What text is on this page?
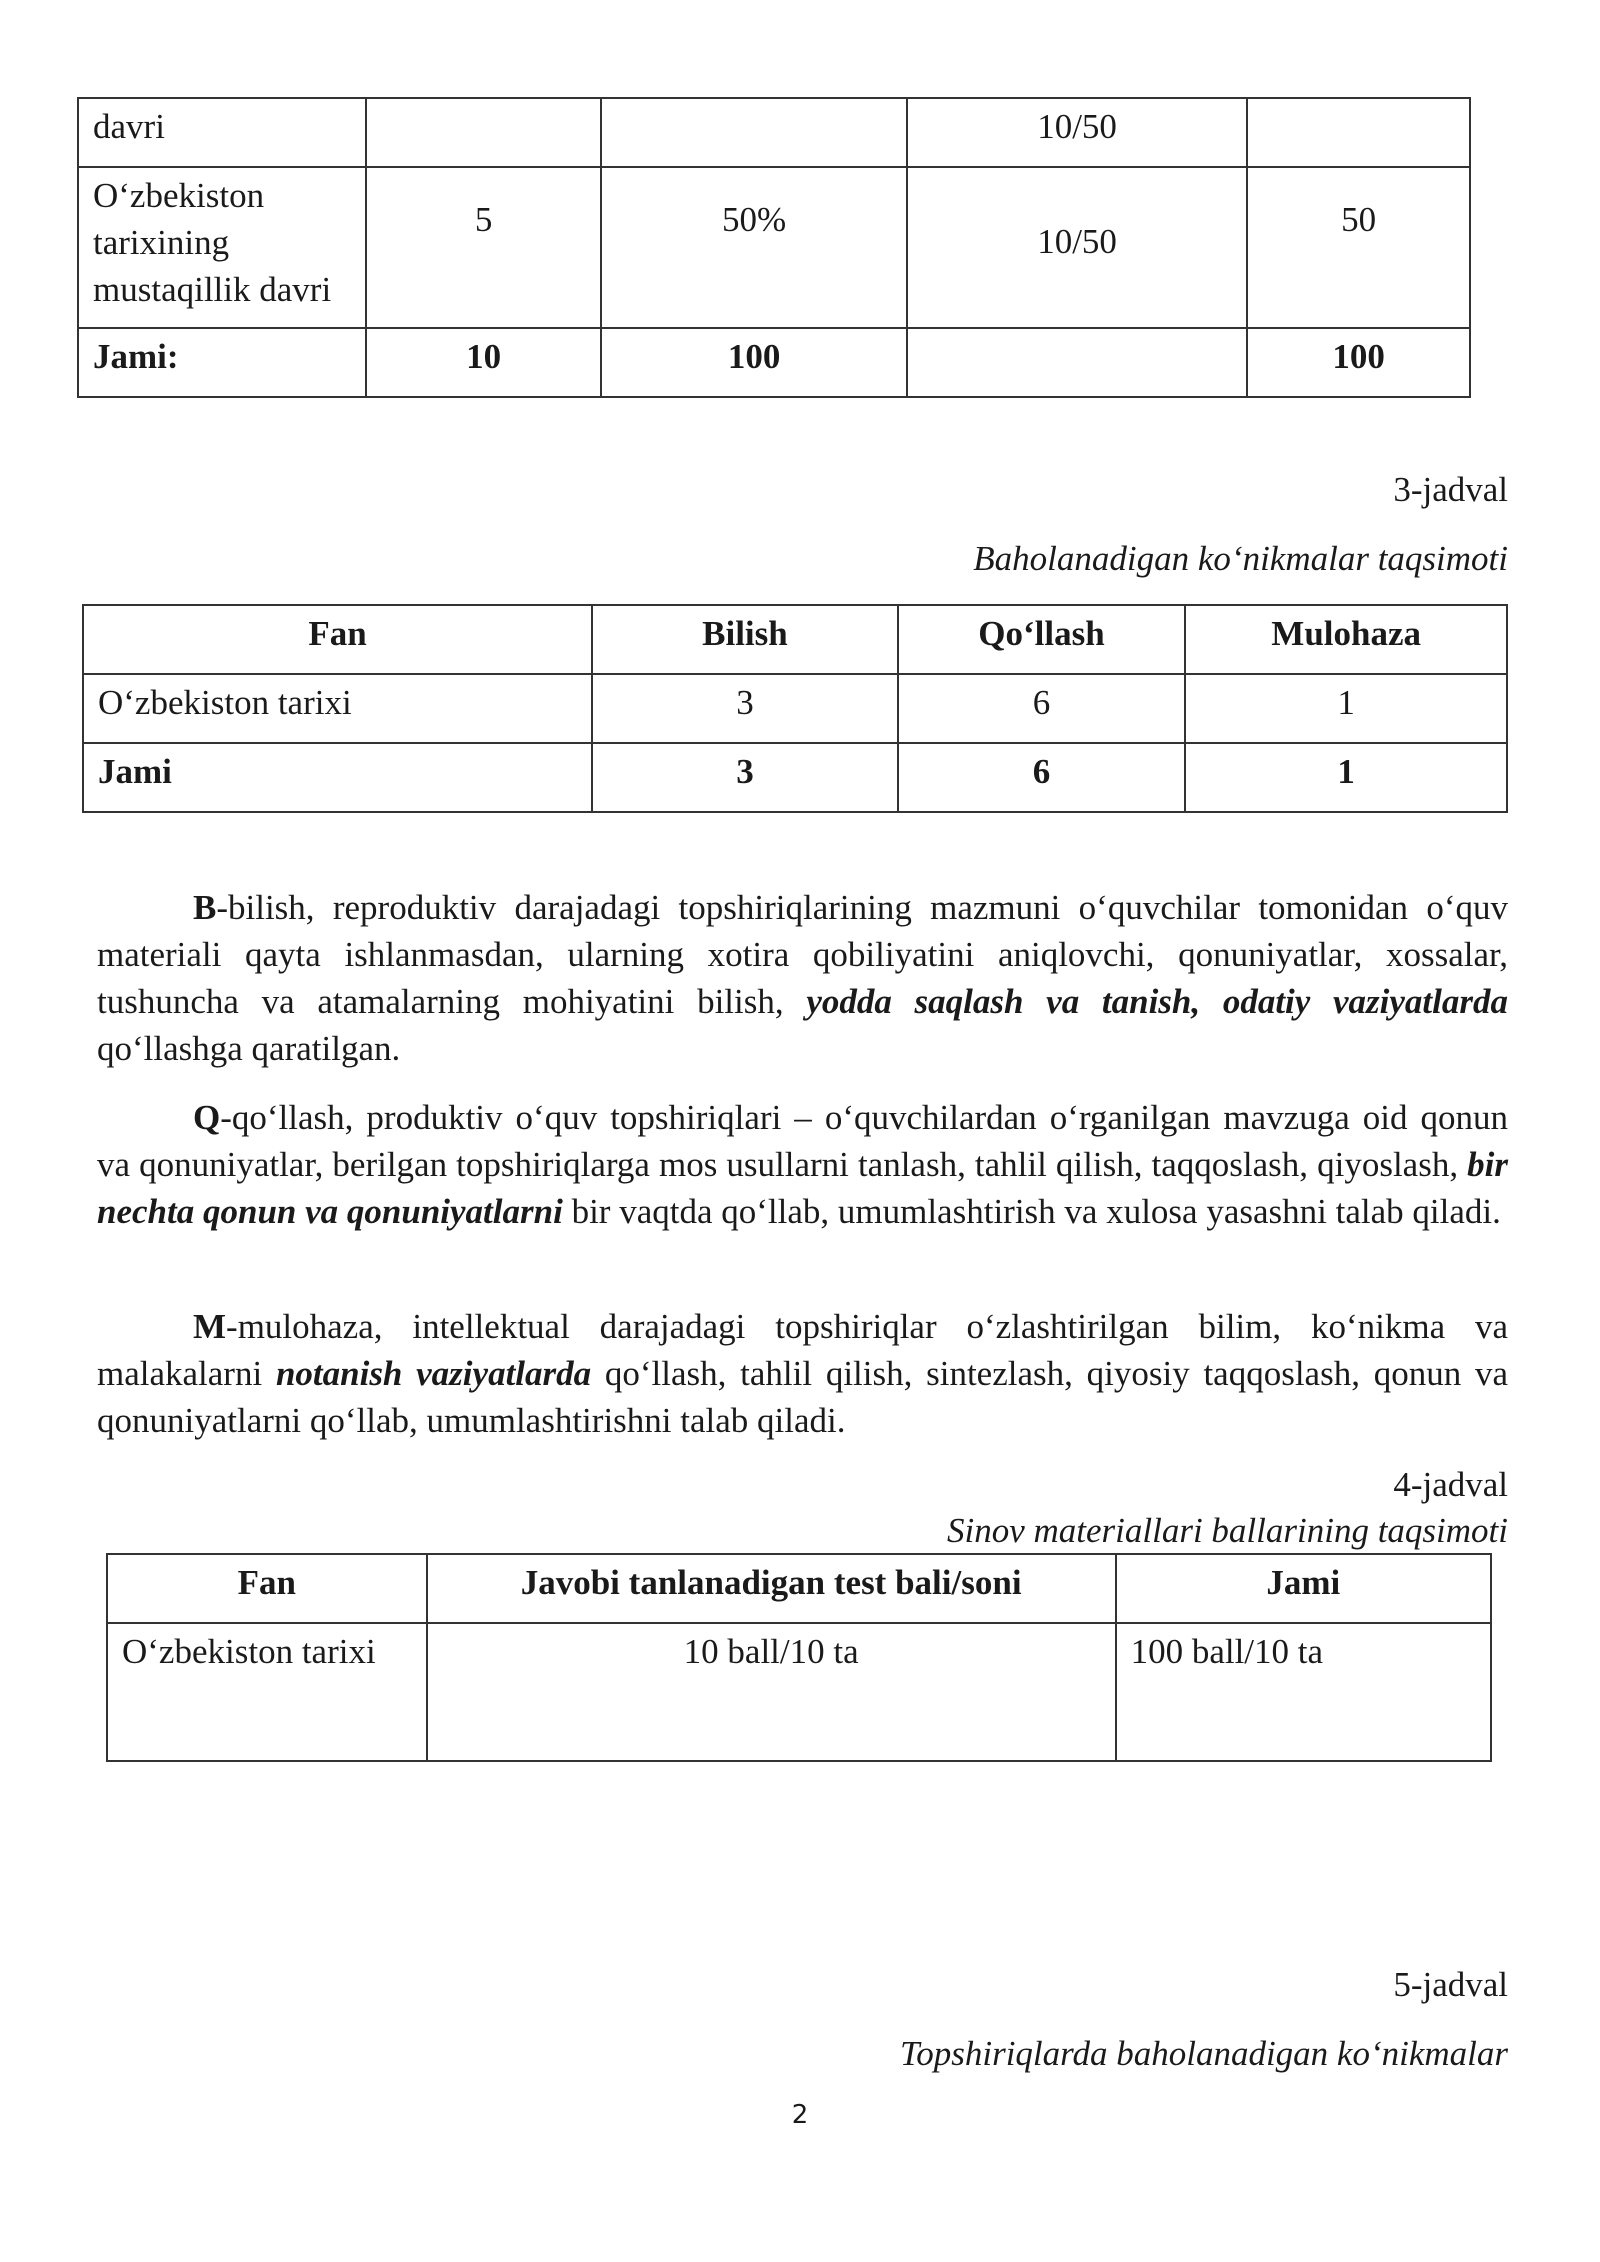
davri			10/50	
O‘zbekiston tarixining mustaqillik davri	5	50%	10/50	50
Jami:	10	100		100
3-jadval
Baholanadigan ko‘nikmalar taqsimoti
Fan	Bilish	Qo‘llash	Mulohaza
O‘zbekiston tarixi	3	6	1
Jami	3	6	1

B-bilish, reproduktiv darajadagi topshiriqlarining mazmuni o‘quvchilar tomonidan o‘quv materiali qayta ishlanmasdan, ularning xotira qobiliyatini aniqlovchi, qonuniyatlar, xossalar, tushuncha va atamalarning mohiyatini bilish, yodda saqlash va tanish, odatiy vaziyatlarda qo‘llashga qaratilgan.

Q-qo‘llash, produktiv o‘quv topshiriqlari – o‘quvchilardan o‘rganilgan mavzuga oid qonun va qonuniyatlar, berilgan topshiriqlarga mos usullarni tanlash, tahlil qilish, taqqoslash, qiyoslash, bir nechta qonun va qonuniyatlarni bir vaqtda qo‘llab, umumlashtirish va xulosa yasashni talab qiladi.

M-mulohaza, intellektual darajadagi topshiriqlar o‘zlashtirilgan bilim, ko‘nikma va malakalarni notanish vaziyatlarda qo‘llash, tahlil qilish, sintezlash, qiyosiy taqqoslash, qonun va qonuniyatlarni qo‘llab, umumlashtirishni talab qiladi.

4-jadval
Sinov materiallari ballarining taqsimoti
Fan	Javobi tanlanadigan test bali/soni	Jami
O‘zbekiston tarixi	10 ball/10 ta	100 ball/10 ta
5-jadval
Topshiriqlarda baholanadigan ko‘nikmalar
2
